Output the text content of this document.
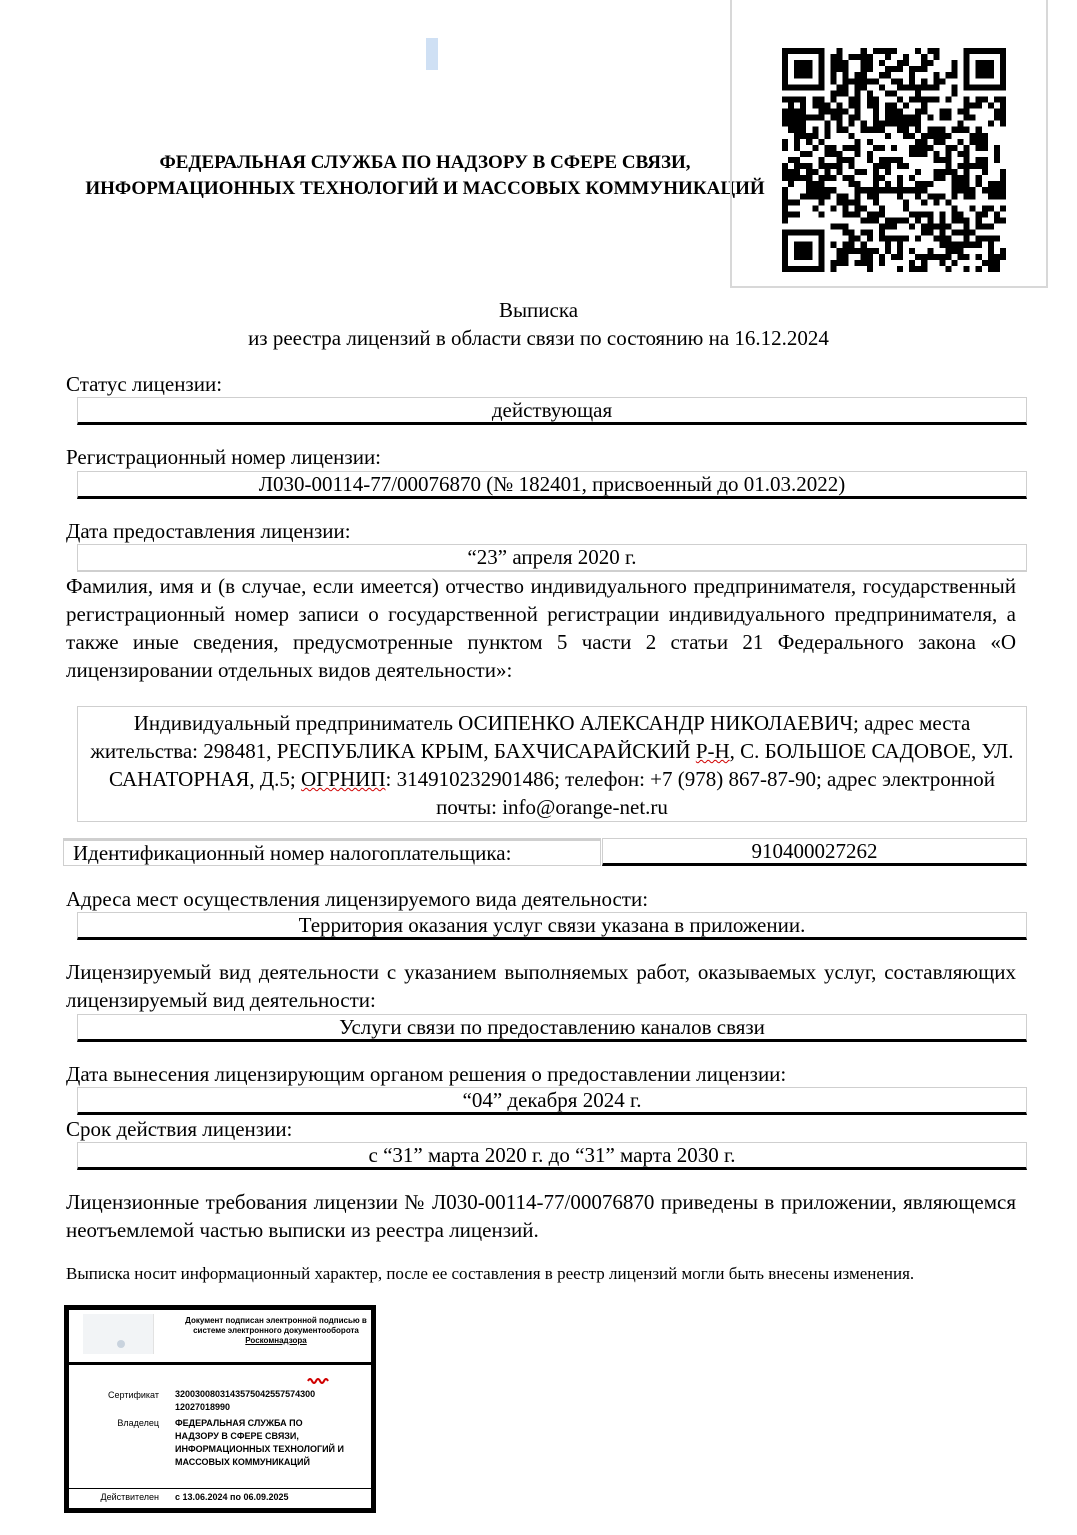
ФЕДЕРАЛЬНАЯ СЛУЖБА ПО НАДЗОРУ В СФЕРЕ СВЯЗИ, ИНФОРМАЦИОННЫХ ТЕХНОЛОГИЙ И МАССОВЫХ КОММУНИКАЦИЙ
Выписка
из реестра лицензий в области связи по состоянию на 16.12.2024
Статус лицензии:
действующая
Регистрационный номер лицензии:
Л030-00114-77/00076870 (№ 182401, присвоенный до 01.03.2022)
Дата предоставления лицензии:
“23” апреля 2020 г.
Фамилия, имя и (в случае, если имеется) отчество индивидуального предпринимателя, государственный регистрационный номер записи о государственной регистрации индивидуального предпринимателя, а также иные сведения, предусмотренные пунктом 5 части 2 статьи 21 Федерального закона «О лицензировании отдельных видов деятельности»:
Индивидуальный предприниматель ОСИПЕНКО АЛЕКСАНДР НИКОЛАЕВИЧ; адрес места жительства: 298481, РЕСПУБЛИКА КРЫМ, БАХЧИСАРАЙСКИЙ Р-Н, С. БОЛЬШОЕ САДОВОЕ, УЛ. САНАТОРНАЯ, Д.5; ОГРНИП: 314910232901486; телефон: +7 (978) 867-87-90; адрес электронной почты: info@orange-net.ru
Идентификационный номер налогоплательщика:	910400027262
Адреса мест осуществления лицензируемого вида деятельности:
Территория оказания услуг связи указана в приложении.
Лицензируемый вид деятельности с указанием выполняемых работ, оказываемых услуг, составляющих лицензируемый вид деятельности:
Услуги связи по предоставлению каналов связи
Дата вынесения лицензирующим органом решения о предоставлении лицензии:
“04” декабря 2024 г.
Срок действия лицензии:
с “31” марта 2020 г. до “31” марта 2030 г.
Лицензионные требования лицензии № Л030-00114-77/00076870 приведены в приложении, являющемся неотъемлемой частью выписки из реестра лицензий.
Выписка носит информационный характер, после ее составления в реестр лицензий могли быть внесены изменения.
Документ подписан электронной подписью в системе электронного документооборота Роскомнадзора
Сертификат 3200300803143575042557574300
12027018990
Владелец ФЕДЕРАЛЬНАЯ СЛУЖБА ПО НАДЗОРУ В СФЕРЕ СВЯЗИ, ИНФОРМАЦИОННЫХ ТЕХНОЛОГИЙ И МАССОВЫХ КОММУНИКАЦИЙ
Действителен с 13.06.2024 по 06.09.2025
